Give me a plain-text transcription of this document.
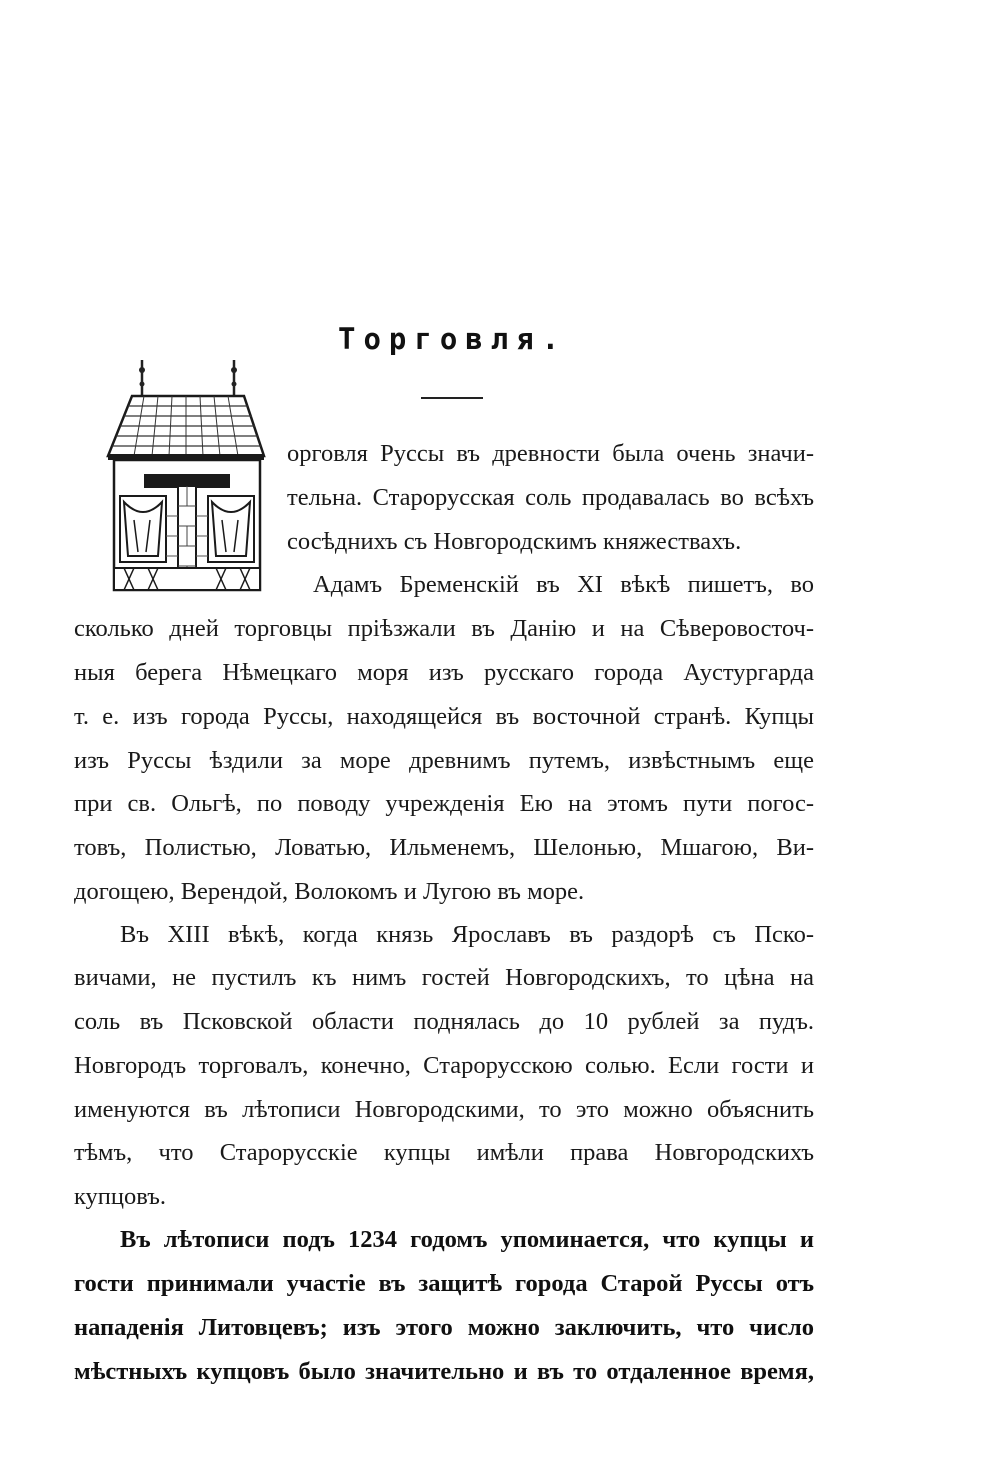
Торговля.
орговля Руссы въ древности была очень значи-
тельна. Старорусская соль продавалась во всѣхъ
сосѣднихъ съ Новгородскимъ княжествахъ.
Адамъ Бременскій въ XI вѣкѣ пишетъ, во
сколько дней торговцы пріѣзжали въ Данію и на Сѣверовосточ-
ныя берега Нѣмецкаго моря изъ русскаго города Аустургарда
т. е. изъ города Руссы, находящейся въ восточной странѣ. Купцы
изъ Руссы ѣздили за море древнимъ путемъ, извѣстнымъ еще
при св. Ольгѣ, по поводу учрежденія Ею на этомъ пути погос-
товъ, Полистью, Ловатью, Ильменемъ, Шелонью, Мшагою, Ви-
догощею, Верендой, Волокомъ и Лугою въ море.
Въ XIII вѣкѣ, когда князь Ярославъ въ раздорѣ съ Пско-
вичами, не пустилъ къ нимъ гостей Новгородскихъ, то цѣна на
соль въ Псковской области поднялась до 10 рублей за пудъ.
Новгородъ торговалъ, конечно, Старорусскою солью. Если гости и
именуются въ лѣтописи Новгородскими, то это можно объяснить
тѣмъ, что Старорусскіе купцы имѣли права Новгородскихъ
купцовъ.
Въ лѣтописи подъ 1234 годомъ упоминается, что купцы и
гости принимали участіе въ защитѣ города Старой Руссы отъ
нападенія Литовцевъ; изъ этого можно заключить, что число
мѣстныхъ купцовъ было значительно и въ то отдаленное время,
